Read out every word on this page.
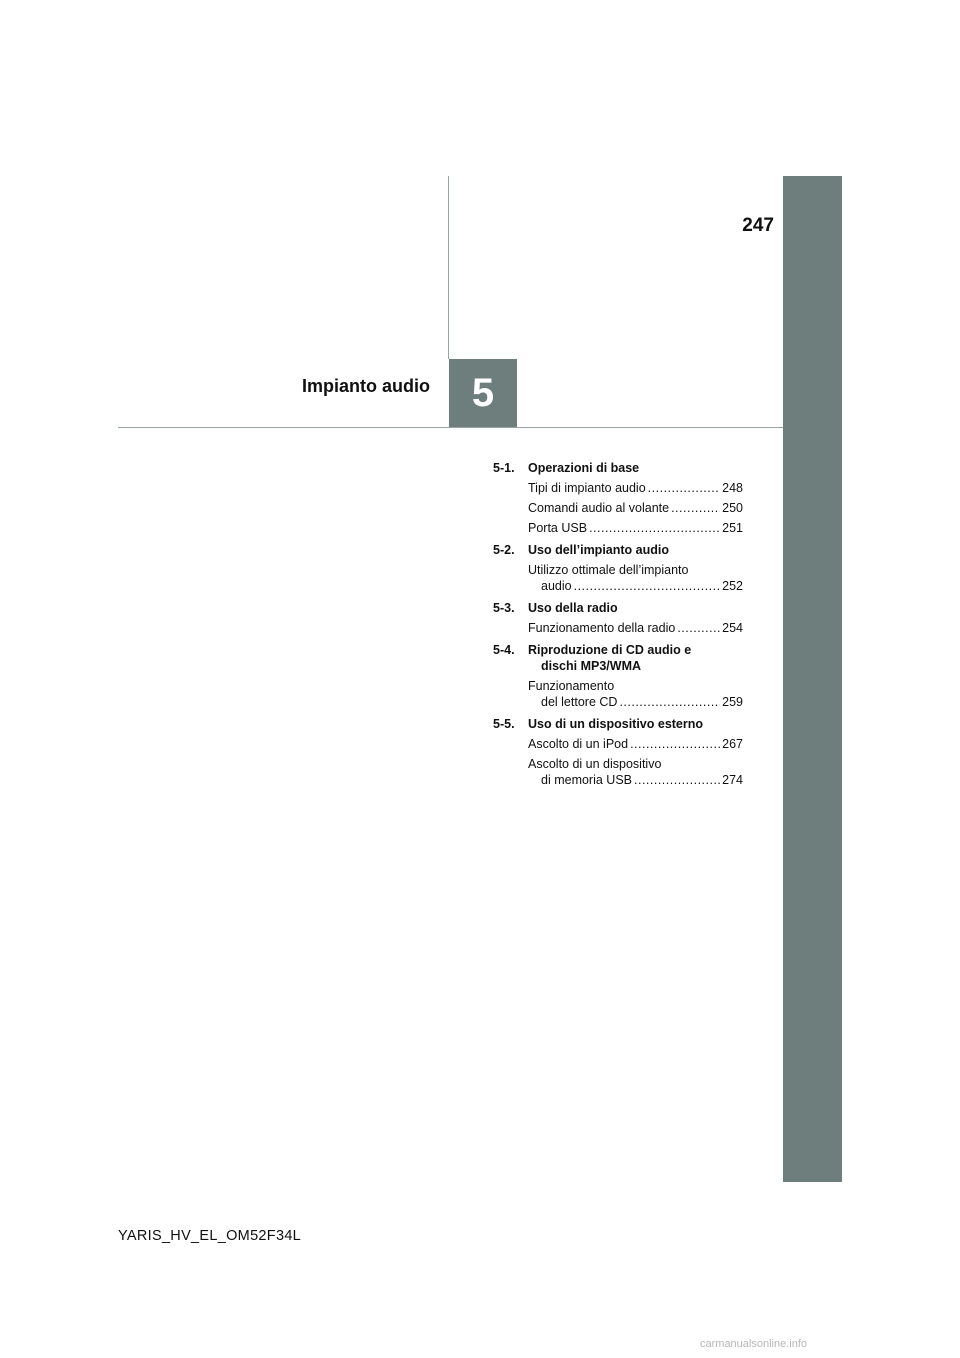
247
5
Impianto audio
5-1.	Operazioni di base
Tipi di impianto audio .....	248
Comandi audio al volante .....	250
Porta USB .....	251
5-2.	Uso dell’impianto audio
Utilizzo ottimale dell’impianto
audio .....	252
5-3.	Uso della radio
Funzionamento della radio .....	254
5-4.	Riproduzione di CD audio e
dischi MP3/WMA
Funzionamento
del lettore CD .....	259
5-5.	Uso di un dispositivo esterno
Ascolto di un iPod .....	267
Ascolto di un dispositivo
di memoria USB .....	274
YARIS_HV_EL_OM52F34L
carmanualsonline.info
